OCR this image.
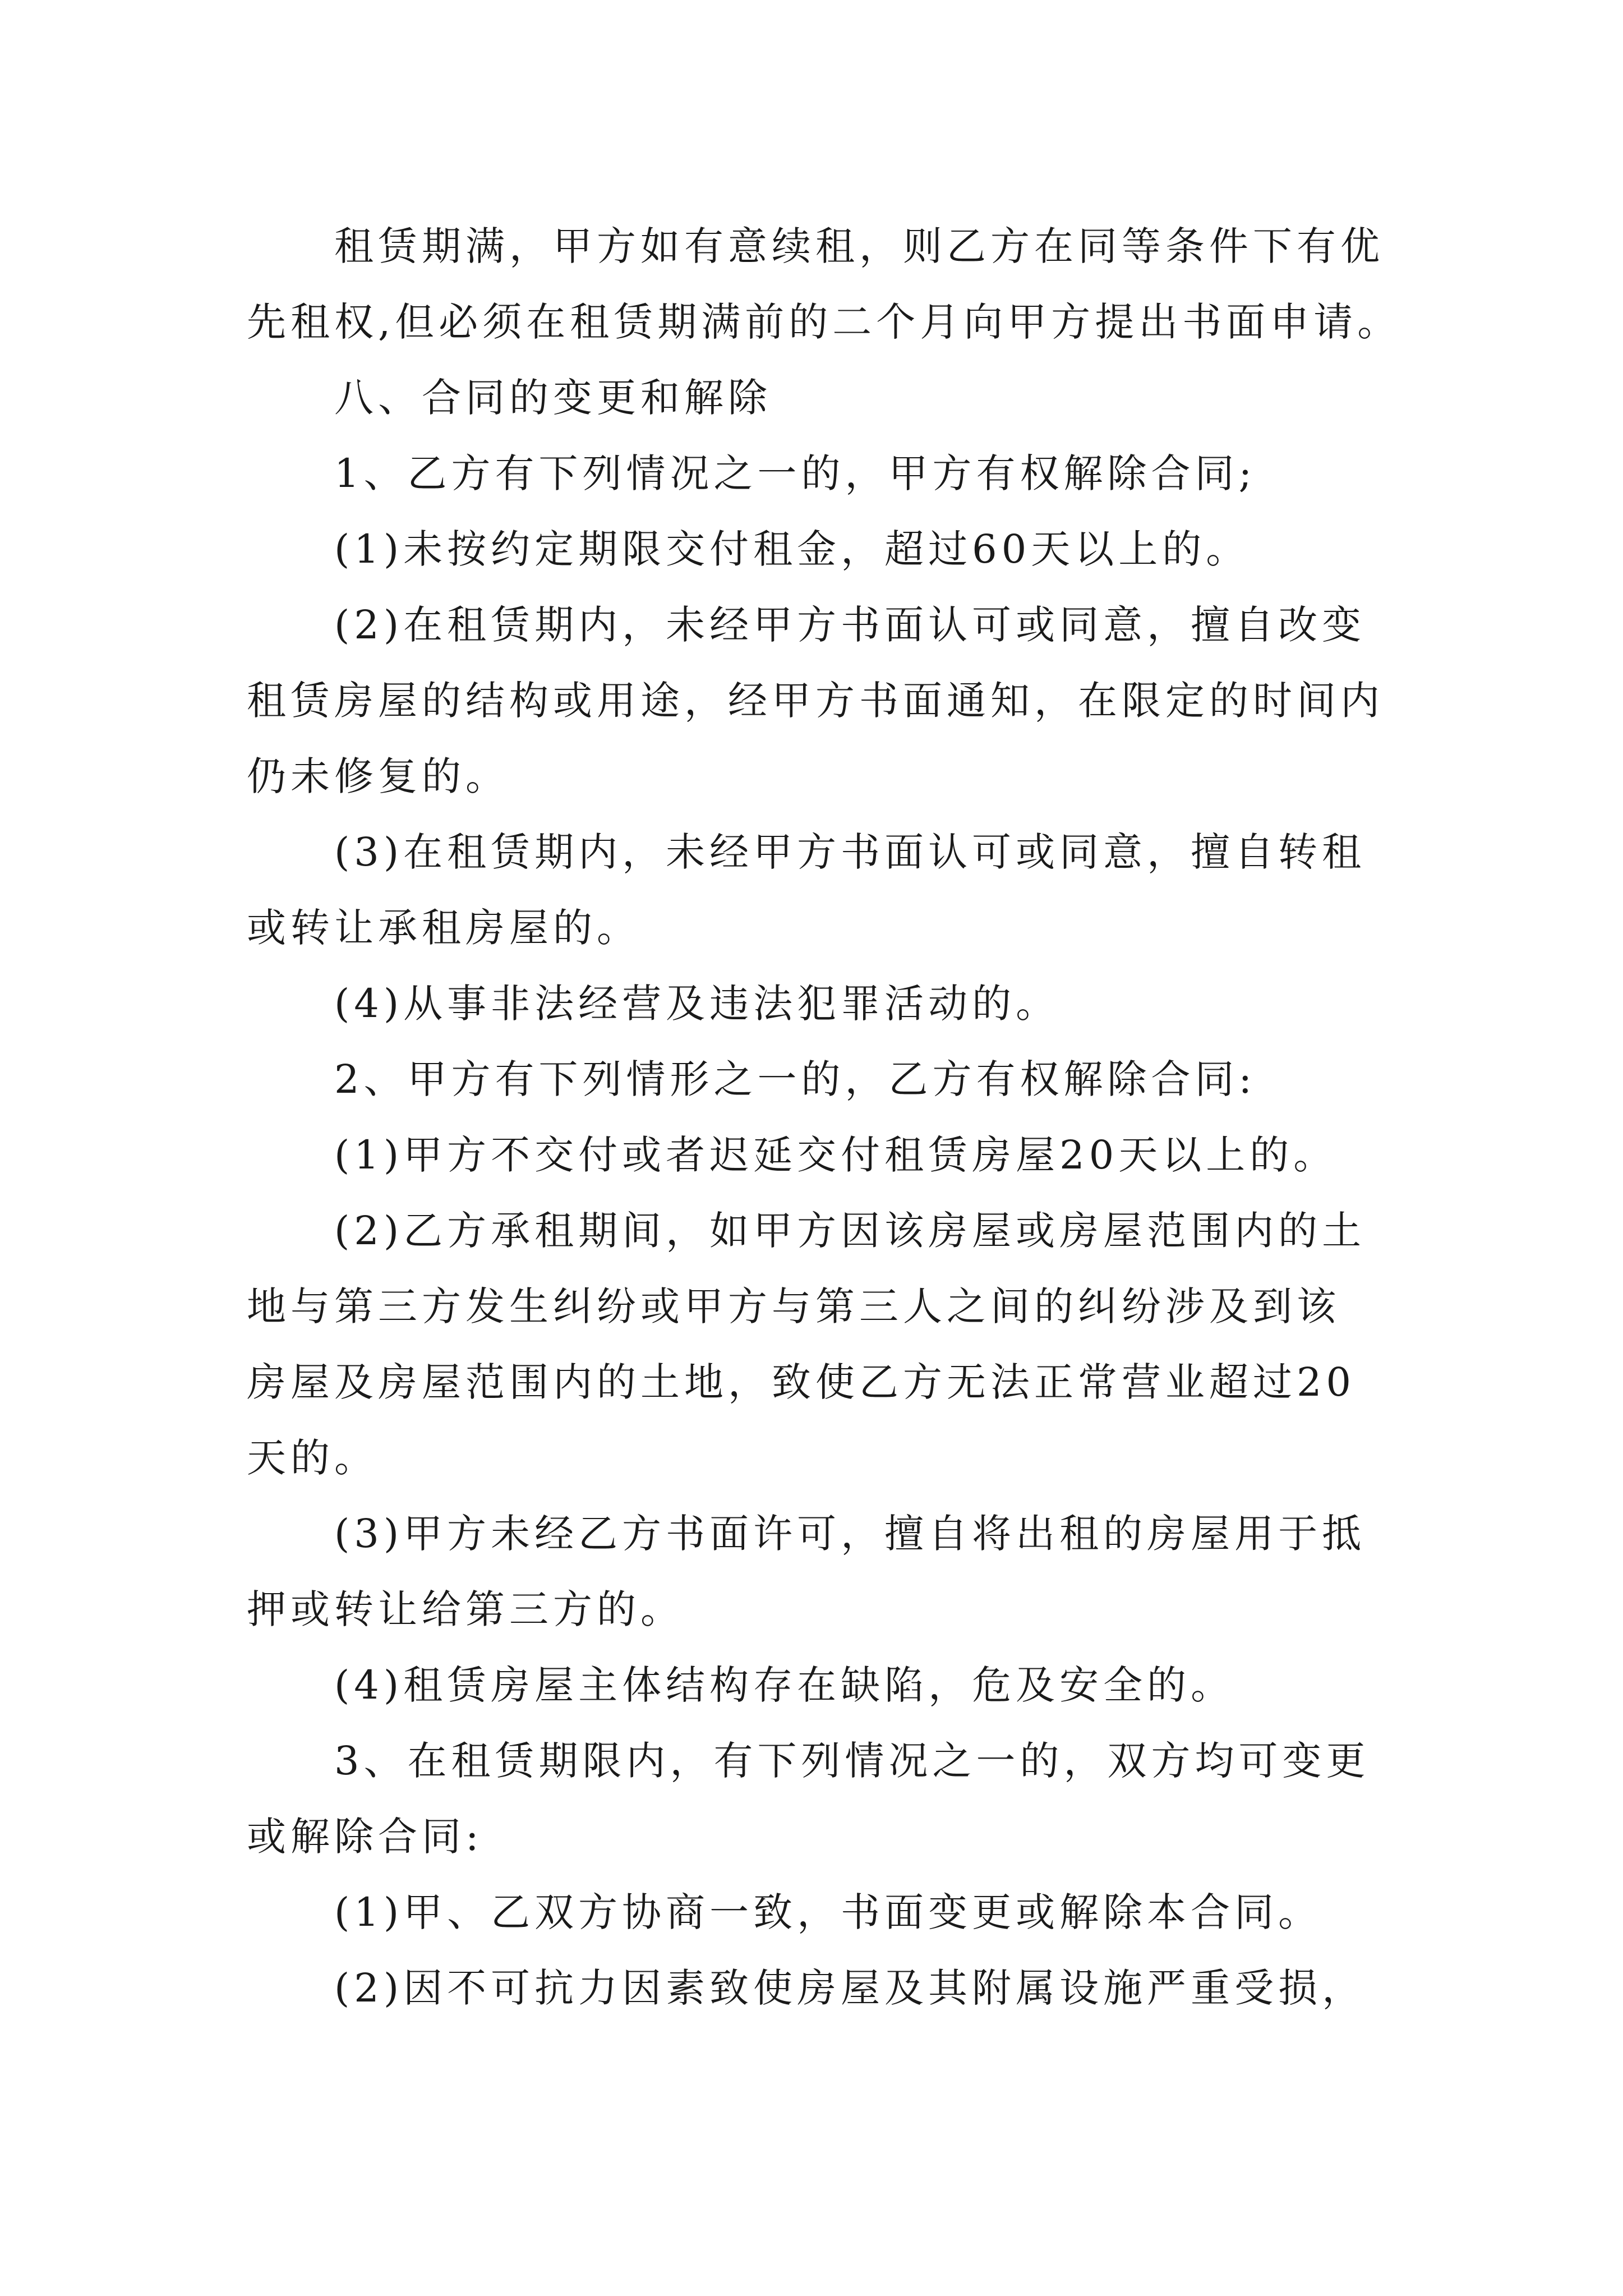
租赁期满，甲方如有意续租，则乙方在同等条件下有优
先租权,但必须在租赁期满前的二个月向甲方提出书面申请。
八、合同的变更和解除
1、乙方有下列情况之一的，甲方有权解除合同;
(1)未按约定期限交付租金，超过60天以上的。
(2)在租赁期内，未经甲方书面认可或同意，擅自改变
租赁房屋的结构或用途，经甲方书面通知，在限定的时间内
仍未修复的。
(3)在租赁期内，未经甲方书面认可或同意，擅自转租
或转让承租房屋的。
(4)从事非法经营及违法犯罪活动的。
2、甲方有下列情形之一的，乙方有权解除合同:
(1)甲方不交付或者迟延交付租赁房屋20天以上的。
(2)乙方承租期间，如甲方因该房屋或房屋范围内的土
地与第三方发生纠纷或甲方与第三人之间的纠纷涉及到该
房屋及房屋范围内的土地，致使乙方无法正常营业超过20
天的。
(3)甲方未经乙方书面许可，擅自将出租的房屋用于抵
押或转让给第三方的。
(4)租赁房屋主体结构存在缺陷，危及安全的。
3、在租赁期限内，有下列情况之一的，双方均可变更
或解除合同:
(1)甲、乙双方协商一致，书面变更或解除本合同。
(2)因不可抗力因素致使房屋及其附属设施严重受损，
